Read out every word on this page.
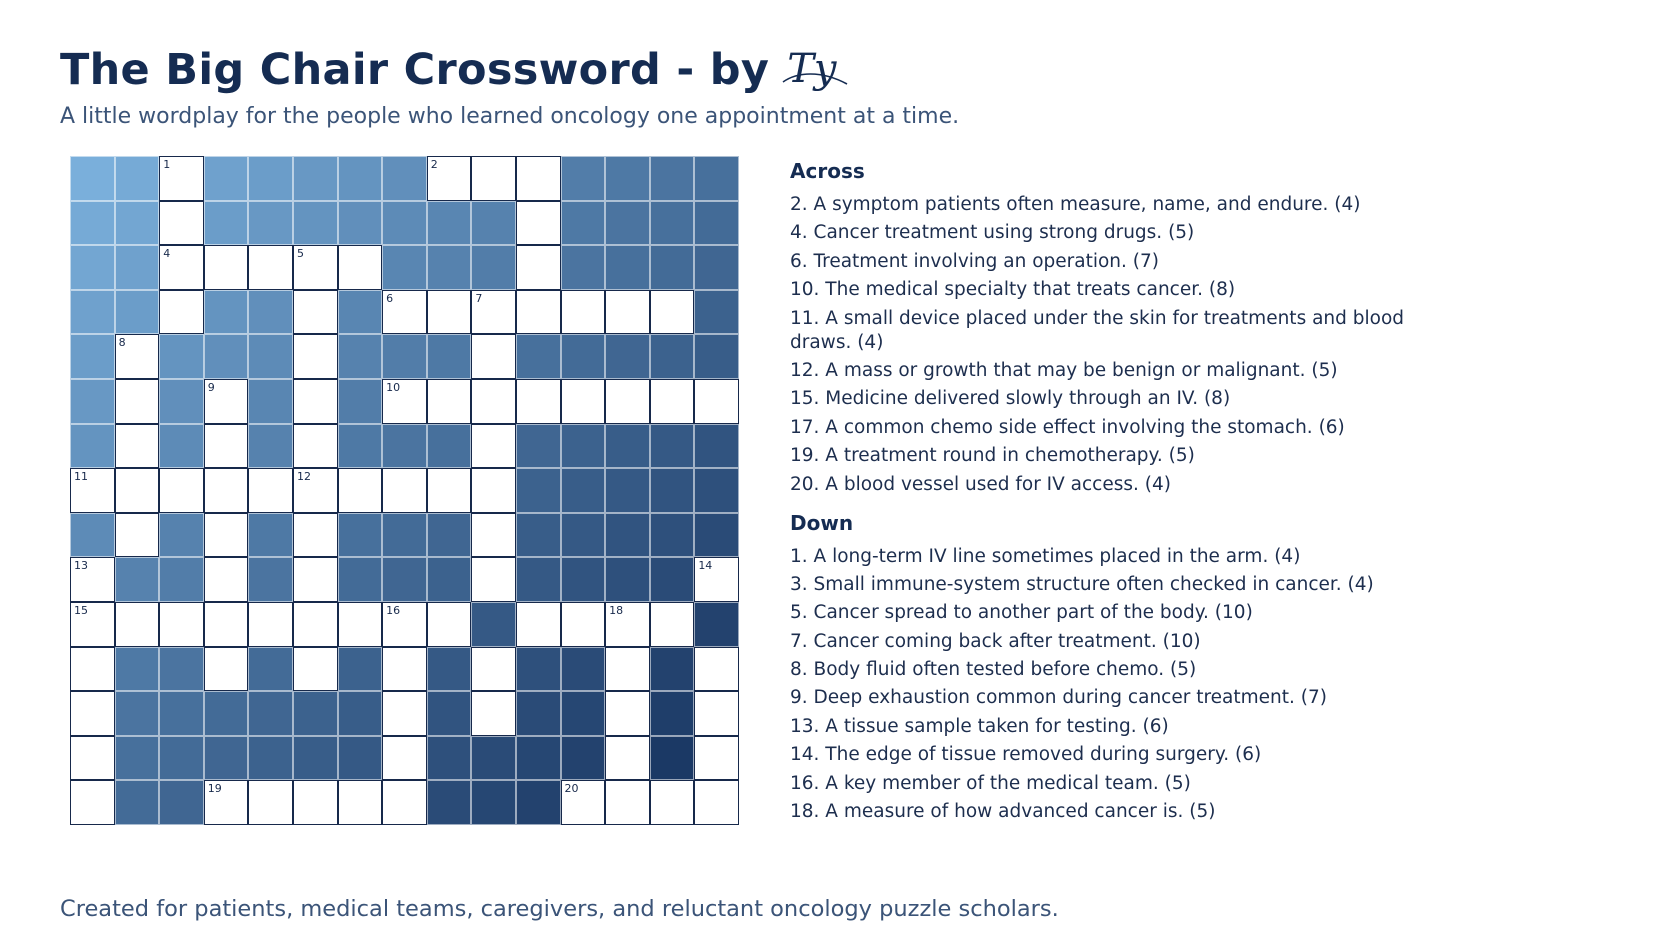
The Big Chair Crossword - by Ty
A little wordplay for the people who learned oncology one appointment at a time.
1	2
4	5
6	7
8
9	10
11	12
13	14
15	16	18
19	20
Across
2. A symptom patients often measure, name, and endure. (4)
4. Cancer treatment using strong drugs. (5)
6. Treatment involving an operation. (7)
10. The medical specialty that treats cancer. (8)
11. A small device placed under the skin for treatments and blood draws. (4)
12. A mass or growth that may be benign or malignant. (5)
15. Medicine delivered slowly through an IV. (8)
17. A common chemo side effect involving the stomach. (6)
19. A treatment round in chemotherapy. (5)
20. A blood vessel used for IV access. (4)
Down
1. A long-term IV line sometimes placed in the arm. (4)
3. Small immune-system structure often checked in cancer. (4)
5. Cancer spread to another part of the body. (10)
7. Cancer coming back after treatment. (10)
8. Body fluid often tested before chemo. (5)
9. Deep exhaustion common during cancer treatment. (7)
13. A tissue sample taken for testing. (6)
14. The edge of tissue removed during surgery. (6)
16. A key member of the medical team. (5)
18. A measure of how advanced cancer is. (5)
Created for patients, medical teams, caregivers, and reluctant oncology puzzle scholars.
